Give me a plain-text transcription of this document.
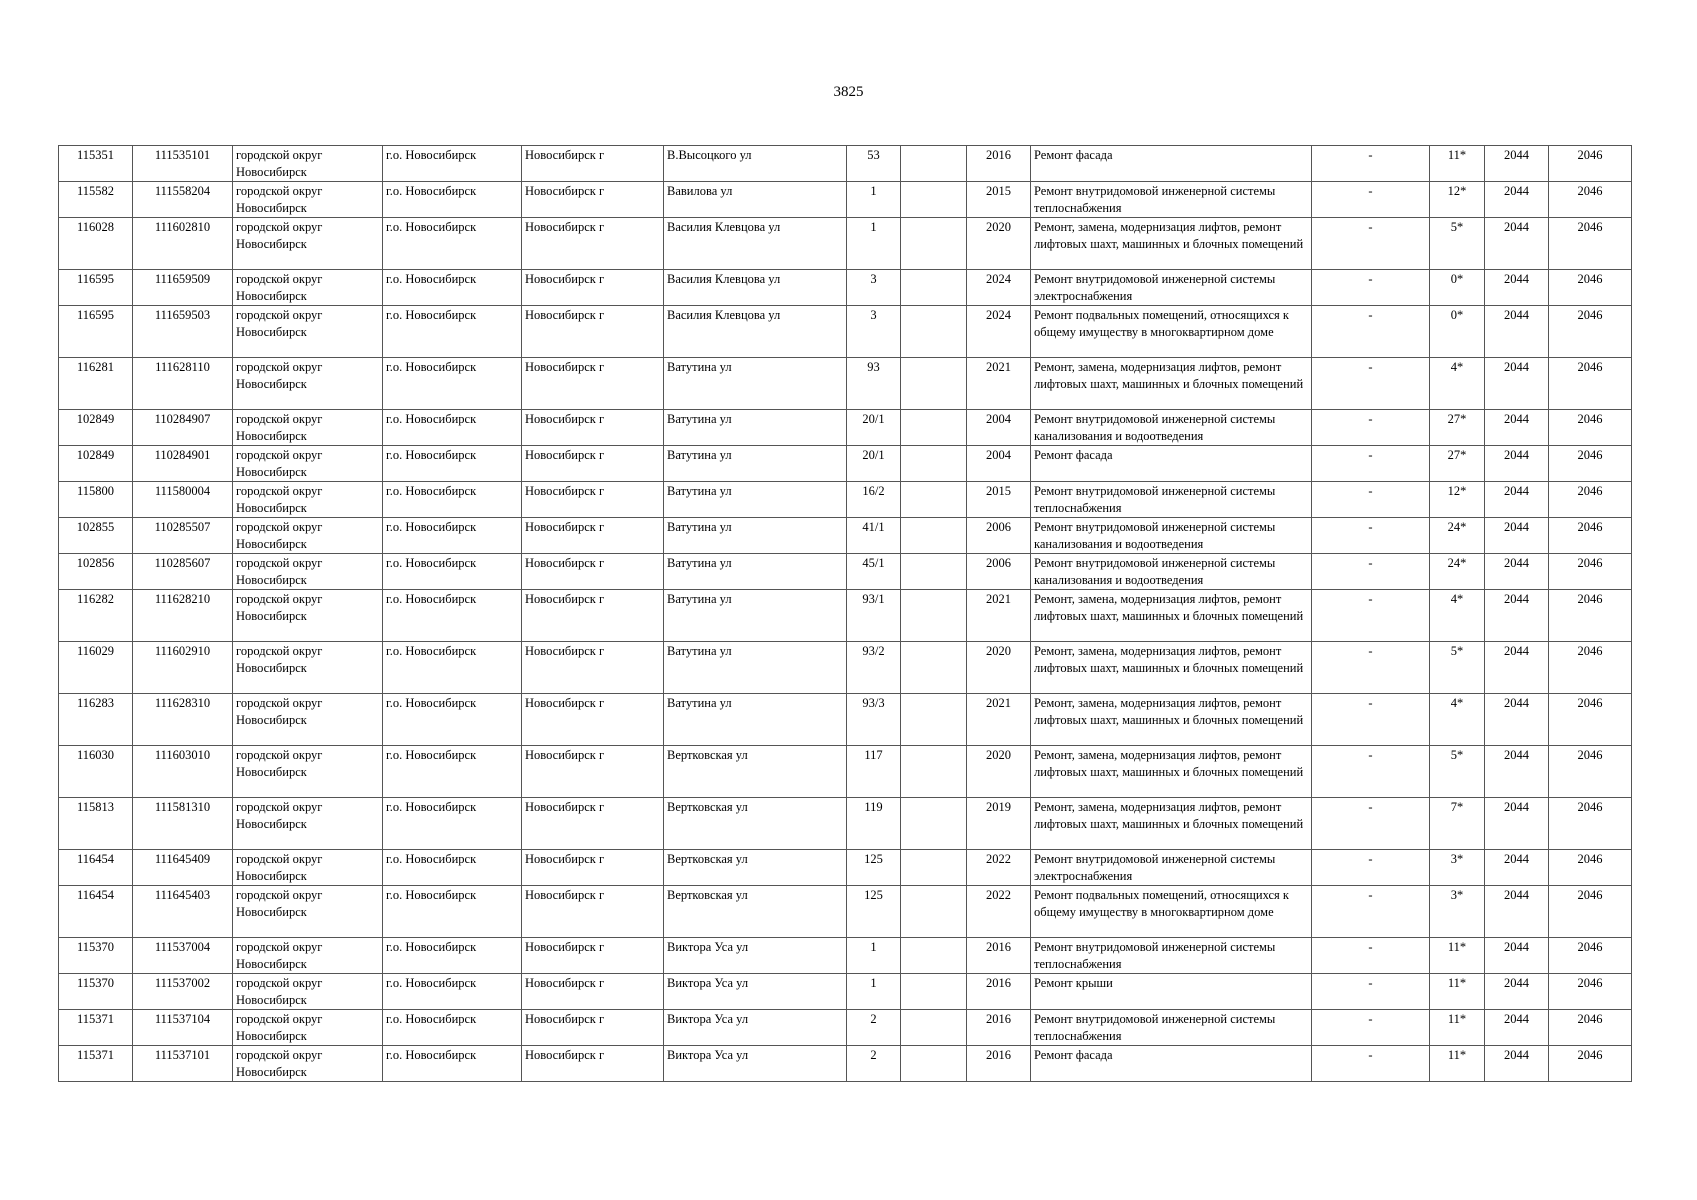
3825
115351	111535101	городской округ Новосибирск	г.о. Новосибирск	Новосибирск г	В.Высоцкого ул	53		2016	Ремонт фасада	-	11*	2044	2046
115582	111558204	городской округ Новосибирск	г.о. Новосибирск	Новосибирск г	Вавилова ул	1		2015	Ремонт внутридомовой инженерной системы теплоснабжения	-	12*	2044	2046
116028	111602810	городской округ Новосибирск	г.о. Новосибирск	Новосибирск г	Василия Клевцова ул	1		2020	Ремонт, замена, модернизация лифтов, ремонт лифтовых шахт, машинных и блочных помещений	-	5*	2044	2046
116595	111659509	городской округ Новосибирск	г.о. Новосибирск	Новосибирск г	Василия Клевцова ул	3		2024	Ремонт внутридомовой инженерной системы электроснабжения	-	0*	2044	2046
116595	111659503	городской округ Новосибирск	г.о. Новосибирск	Новосибирск г	Василия Клевцова ул	3		2024	Ремонт подвальных помещений, относящихся к общему имуществу в многоквартирном доме	-	0*	2044	2046
116281	111628110	городской округ Новосибирск	г.о. Новосибирск	Новосибирск г	Ватутина ул	93		2021	Ремонт, замена, модернизация лифтов, ремонт лифтовых шахт, машинных и блочных помещений	-	4*	2044	2046
102849	110284907	городской округ Новосибирск	г.о. Новосибирск	Новосибирск г	Ватутина ул	20/1		2004	Ремонт внутридомовой инженерной системы канализования и водоотведения	-	27*	2044	2046
102849	110284901	городской округ Новосибирск	г.о. Новосибирск	Новосибирск г	Ватутина ул	20/1		2004	Ремонт фасада	-	27*	2044	2046
115800	111580004	городской округ Новосибирск	г.о. Новосибирск	Новосибирск г	Ватутина ул	16/2		2015	Ремонт внутридомовой инженерной системы теплоснабжения	-	12*	2044	2046
102855	110285507	городской округ Новосибирск	г.о. Новосибирск	Новосибирск г	Ватутина ул	41/1		2006	Ремонт внутридомовой инженерной системы канализования и водоотведения	-	24*	2044	2046
102856	110285607	городской округ Новосибирск	г.о. Новосибирск	Новосибирск г	Ватутина ул	45/1		2006	Ремонт внутридомовой инженерной системы канализования и водоотведения	-	24*	2044	2046
116282	111628210	городской округ Новосибирск	г.о. Новосибирск	Новосибирск г	Ватутина ул	93/1		2021	Ремонт, замена, модернизация лифтов, ремонт лифтовых шахт, машинных и блочных помещений	-	4*	2044	2046
116029	111602910	городской округ Новосибирск	г.о. Новосибирск	Новосибирск г	Ватутина ул	93/2		2020	Ремонт, замена, модернизация лифтов, ремонт лифтовых шахт, машинных и блочных помещений	-	5*	2044	2046
116283	111628310	городской округ Новосибирск	г.о. Новосибирск	Новосибирск г	Ватутина ул	93/3		2021	Ремонт, замена, модернизация лифтов, ремонт лифтовых шахт, машинных и блочных помещений	-	4*	2044	2046
116030	111603010	городской округ Новосибирск	г.о. Новосибирск	Новосибирск г	Вертковская ул	117		2020	Ремонт, замена, модернизация лифтов, ремонт лифтовых шахт, машинных и блочных помещений	-	5*	2044	2046
115813	111581310	городской округ Новосибирск	г.о. Новосибирск	Новосибирск г	Вертковская ул	119		2019	Ремонт, замена, модернизация лифтов, ремонт лифтовых шахт, машинных и блочных помещений	-	7*	2044	2046
116454	111645409	городской округ Новосибирск	г.о. Новосибирск	Новосибирск г	Вертковская ул	125		2022	Ремонт внутридомовой инженерной системы электроснабжения	-	3*	2044	2046
116454	111645403	городской округ Новосибирск	г.о. Новосибирск	Новосибирск г	Вертковская ул	125		2022	Ремонт подвальных помещений, относящихся к общему имуществу в многоквартирном доме	-	3*	2044	2046
115370	111537004	городской округ Новосибирск	г.о. Новосибирск	Новосибирск г	Виктора Уса ул	1		2016	Ремонт внутридомовой инженерной системы теплоснабжения	-	11*	2044	2046
115370	111537002	городской округ Новосибирск	г.о. Новосибирск	Новосибирск г	Виктора Уса ул	1		2016	Ремонт крыши	-	11*	2044	2046
115371	111537104	городской округ Новосибирск	г.о. Новосибирск	Новосибирск г	Виктора Уса ул	2		2016	Ремонт внутридомовой инженерной системы теплоснабжения	-	11*	2044	2046
115371	111537101	городской округ Новосибирск	г.о. Новосибирск	Новосибирск г	Виктора Уса ул	2		2016	Ремонт фасада	-	11*	2044	2046
